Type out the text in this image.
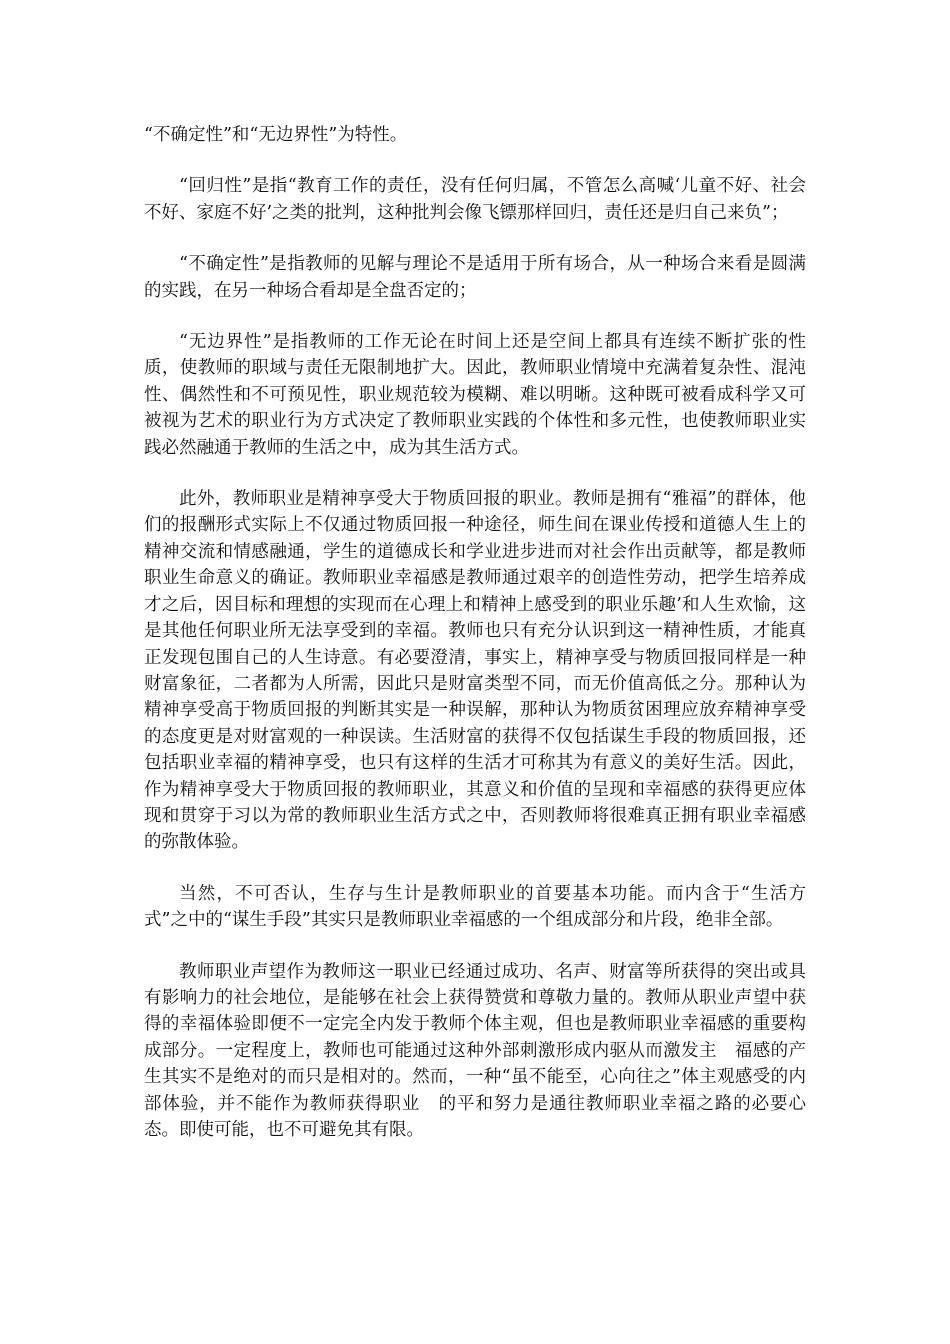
“不确定性”和“无边界性”为特性。

“回归性”是指“教育工作的责任，没有任何归属，不管怎么高喊‘儿童不好、社会不好、家庭不好’之类的批判，这种批判会像飞镖那样回归，责任还是归自己来负”；

“不确定性”是指教师的见解与理论不是适用于所有场合，从一种场合来看是圆满的实践，在另一种场合看却是全盘否定的；

“无边界性”是指教师的工作无论在时间上还是空间上都具有连续不断扩张的性质，使教师的职域与责任无限制地扩大。因此，教师职业情境中充满着复杂性、混沌性、偶然性和不可预见性，职业规范较为模糊、难以明晰。这种既可被看成科学又可被视为艺术的职业行为方式决定了教师职业实践的个体性和多元性，也使教师职业实践必然融通于教师的生活之中，成为其生活方式。

此外，教师职业是精神享受大于物质回报的职业。教师是拥有“雅福”的群体，他们的报酬形式实际上不仅通过物质回报一种途径，师生间在课业传授和道德人生上的精神交流和情感融通，学生的道德成长和学业进步进而对社会作出贡献等，都是教师职业生命意义的确证。教师职业幸福感是教师通过艰辛的创造性劳动，把学生培养成才之后，因目标和理想的实现而在心理上和精神上感受到的职业乐趣’和人生欢愉，这是其他任何职业所无法享受到的幸福。教师也只有充分认识到这一精神性质，才能真正发现包围自己的人生诗意。有必要澄清，事实上，精神享受与物质回报同样是一种财富象征，二者都为人所需，因此只是财富类型不同，而无价值高低之分。那种认为精神享受高于物质回报的判断其实是一种误解，那种认为物质贫困理应放弃精神享受的态度更是对财富观的一种误读。生活财富的获得不仅包括谋生手段的物质回报，还包括职业幸福的精神享受，也只有这样的生活才可称其为有意义的美好生活。因此，作为精神享受大于物质回报的教师职业，其意义和价值的呈现和幸福感的获得更应体现和贯穿于习以为常的教师职业生活方式之中，否则教师将很难真正拥有职业幸福感的弥散体验。

当然，不可否认，生存与生计是教师职业的首要基本功能。而内含于“生活方式”之中的“谋生手段”其实只是教师职业幸福感的一个组成部分和片段，绝非全部。

教师职业声望作为教师这一职业已经通过成功、名声、财富等所获得的突出或具有影响力的社会地位，是能够在社会上获得赞赏和尊敬力量的。教师从职业声望中获得的幸福体验即便不一定完全内发于教师个体主观，但也是教师职业幸福感的重要构成部分。一定程度上，教师也可能通过这种外部刺激形成内驱从而激发主　福感的产生其实不是绝对的而只是相对的。然而，一种“虽不能至，心向往之”体主观感受的内部体验，并不能作为教师获得职业　的平和努力是通往教师职业幸福之路的必要心态。即使可能，也不可避免其有限。
